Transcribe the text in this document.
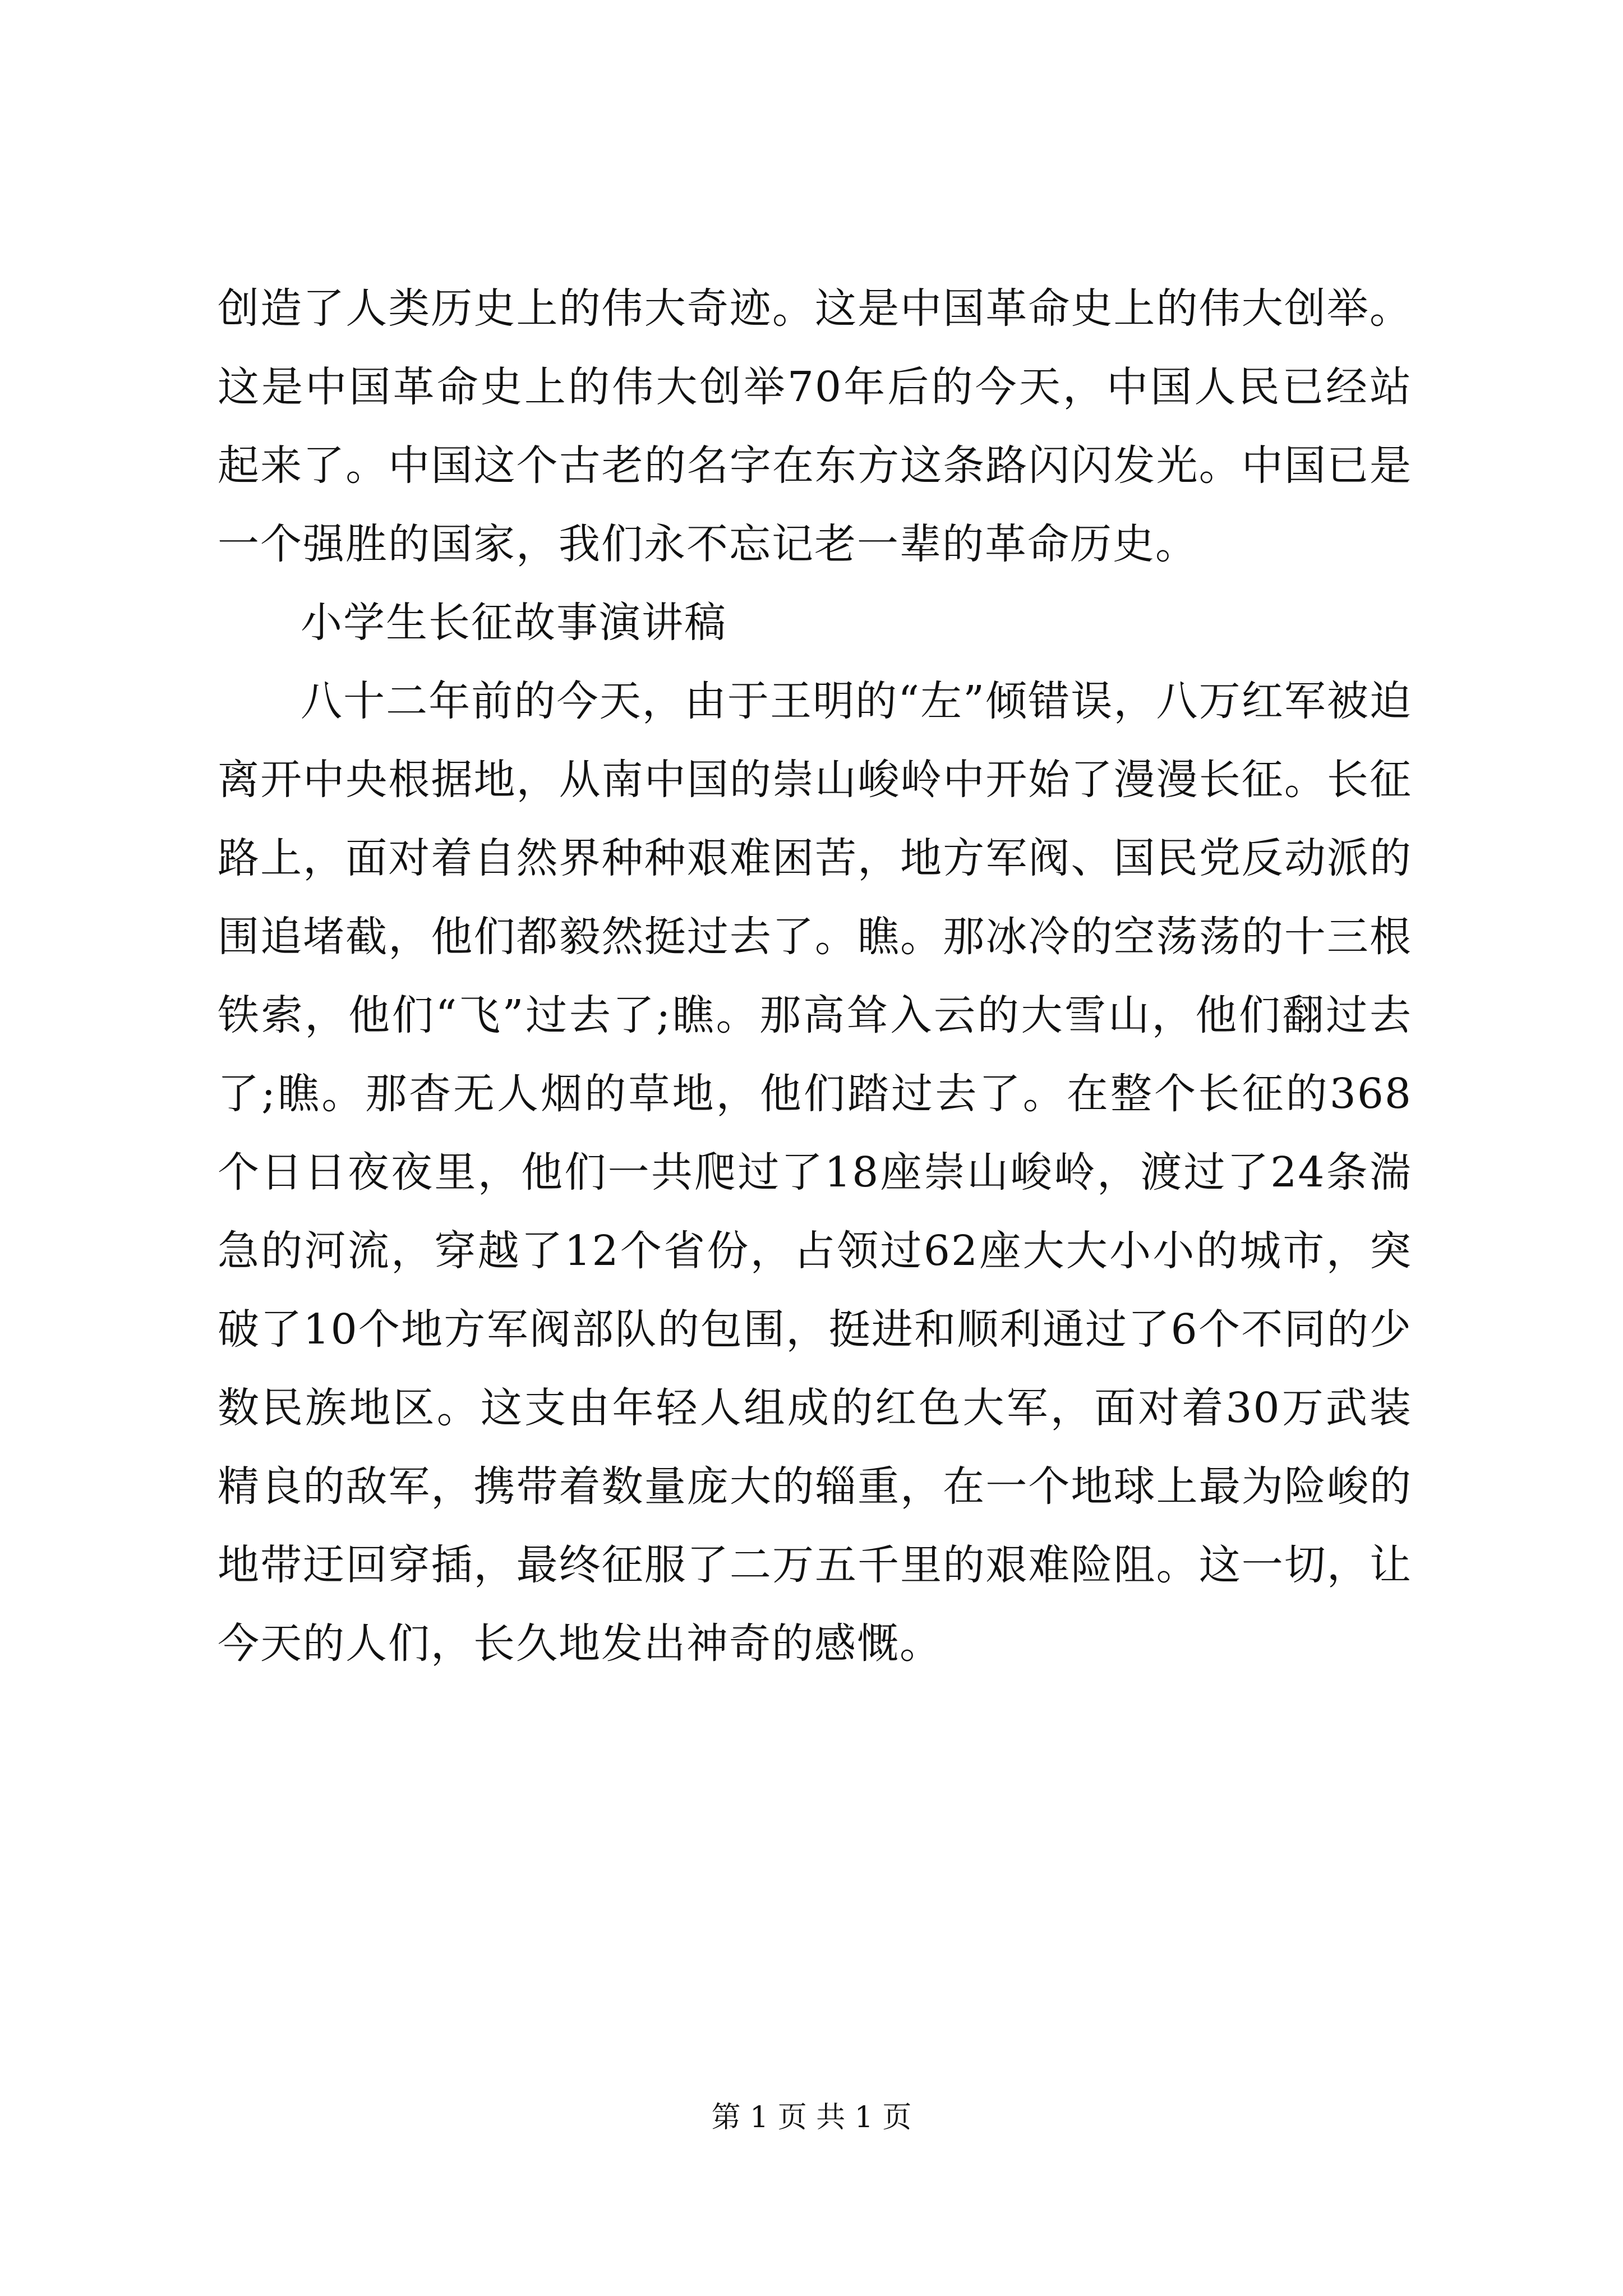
创造了人类历史上的伟大奇迹。这是中国革命史上的伟大创举。这是中国革命史上的伟大创举70年后的今天，中国人民已经站起来了。中国这个古老的名字在东方这条路闪闪发光。中国已是一个强胜的国家，我们永不忘记老一辈的革命历史。

小学生长征故事演讲稿

八十二年前的今天，由于王明的“左”倾错误，八万红军被迫离开中央根据地，从南中国的崇山峻岭中开始了漫漫长征。长征路上，面对着自然界种种艰难困苦，地方军阀、国民党反动派的围追堵截，他们都毅然挺过去了。瞧。那冰冷的空荡荡的十三根铁索，他们“飞”过去了;瞧。那高耸入云的大雪山，他们翻过去了;瞧。那杳无人烟的草地，他们踏过去了。在整个长征的368个日日夜夜里，他们一共爬过了18座崇山峻岭，渡过了24条湍急的河流，穿越了12个省份，占领过62座大大小小的城市，突破了10个地方军阀部队的包围，挺进和顺利通过了6个不同的少数民族地区。这支由年轻人组成的红色大军，面对着30万武装精良的敌军，携带着数量庞大的辎重，在一个地球上最为险峻的地带迂回穿插，最终征服了二万五千里的艰难险阻。这一切，让今天的人们，长久地发出神奇的感慨。

第 1 页 共 1 页
